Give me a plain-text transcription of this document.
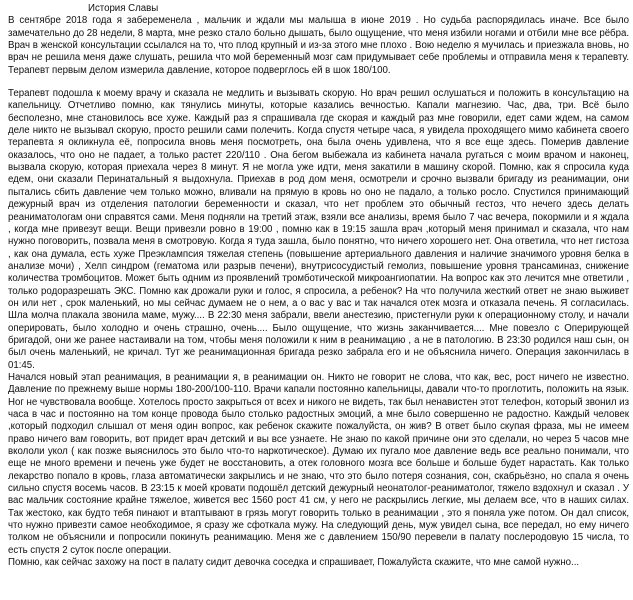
История Славы

В сентябре 2018 года я забеременела , мальчик и ждали мы малыша в июне 2019 . Но судьба распорядилась иначе. Все было замечательно до 28 недели, 8 марта, мне резко стало больно дышать, было ощущение, что меня избили ногами и отбили мне все рёбра. Врач в женской консультации ссылался на то, что плод крупный и из-за этого мне плохо . Вою неделю я мучилась и приезжала вновь, но врач не решила меня даже слушать, решила что мой беременный мозг сам придумывает себе проблемы и отправила меня к терапевту. Терапевт первым делом измерила давление, которое подверглось ей в шок 180/100.

Терапевт подошла к моему врачу и сказала не медлить и вызывать скорую. Но врач решил ослушаться и положить в консультацию на капельницу. Отчетливо помню, как тянулись минуты, которые казались вечностью. Капали магнезию. Час, два, три. Всё было бесполезно, мне становилось все хуже. Каждый раз я спрашивала где скорая и каждый раз мне говорили, едет сами ждем, на самом деле никто не вызывал скорую, просто решили сами полечить. Когда спустя четыре часа, я увидела проходящего мимо кабинета своего терапевта я окликнула её, попросила вновь меня посмотреть, она была очень удивлена, что я все еще здесь. Померив давление оказалось, что оно не падает, а только растет 220/110 . Она бегом выбежала из кабинета начала ругаться с моим врачом и наконец, вызвала скорую, которая приехала через 8 минут. Я не могла уже идти, меня закатили в машину скорой. Помню, как я спросила куда едем, они сказали Перинатальный я выдохнула. Приехав в род дом меня, осмотрели и срочно вызвали бригаду из реанимации, они пытались сбить давление чем только можно, вливали на прямую в кровь но оно не падало, а только росло. Спустился принимающий дежурный врач из отделения патологии беременности и сказал, что нет проблем это обычный гестоз, что нечего здесь делать реаниматологам они справятся сами. Меня подняли на третий этаж, взяли все анализы, время было 7 час вечера, покормили и я ждала , когда мне привезут вещи. Вещи привезли ровно в 19:00 , помню как в 19:15 зашла врач ,который меня принимал и сказала, что нам нужно поговорить, позвала меня в смотровую. Когда я туда зашла, было понятно, что ничего хорошего нет. Она ответила, что нет гистоза , как она думала, есть хуже Преэклампсия тяжелая степень (повышение артериального давления и наличие значимого уровня белка в анализе мочи) , Хелп синдром (гематома или разрыв печени), внутрисосудистый гемолиз, повышение уровня трансаминаз, снижение количества тромбоцитов. Может быть одним из проявлений тромботической микроангиопатии. На вопрос как это лечится мне ответили , только родоразрешать ЭКС. Помню как дрожали руки и голос, я спросила, а ребенок? На что получила жесткий ответ не знаю выживет он или нет , срок маленький, но мы сейчас думаем не о нем, а о вас у вас и так начался отек мозга и отказала печень. Я согласилась. Шла молча плакала звонила маме, мужу.... В 22:30 меня забрали, ввели анестезию, пристегнули руки к операционному столу, и начали оперировать, было холодно и очень страшно, очень.... Было ощущение, что жизнь заканчивается.... Мне повезло с Оперирующей бригадой, они же ранее настаивали на том, чтобы меня положили к ним в реанимацию , а не в патологию. В 23:30 родился наш сын, он был очень маленький, не кричал. Тут же реанимационная бригада резко забрала его и не объяснила ничего. Операция закончилась в 01:45.

Начался новый этап реанимация, в реанимации я, в реанимации он. Никто не говорит не слова, что как, вес, рост ничего не известно. Давление по прежнему выше нормы 180-200/100-110. Врачи капали постоянно капельницы, давали что-то проглотить, положить на язык. Ног не чувствовала вообще. Хотелось просто закрыться от всех и никого не видеть, так был ненавистен этот телефон, который звонил из часа в час и постоянно на том конце провода было столько радостных эмоций, а мне было совершенно не радостно. Каждый человек ,который подходил слышал от меня один вопрос, как ребенок скажите пожалуйста, он жив? В ответ было скупая фраза, мы не имеем право ничего вам говорить, вот придет врач детский и вы все узнаете. Не знаю по какой причине они это сделали, но через 5 часов мне вкололи укол ( как позже выяснилось это было что-то наркотическое). Думаю их пугало мое давление ведь все реально понимали, что еще не много времени и печень уже будет не восстановить, а отек головного мозга все больше и больше будет нарастать. Как только лекарство попало в кровь, глаза автоматически закрылись и не знаю, что это было потеря сознания, сон, скабрьёзно, но спала я очень сильно спустя восемь часов. В 23:15 к моей кровати подошёл детский дежурный неонатолог-реаниматолог, тяжело вздохнул и сказал . У вас мальчик состояние крайне тяжелое, живется вес 1560 рост 41 см, у него не раскрылись легкие, мы делаем все, что в наших силах. Так жестоко, как будто тебя пинают и втаптывают в грязь могут говорить только в реанимации , это я поняла уже потом. Он дал список, что нужно привезти самое необходимое, я сразу же сфоткала мужу. На следующий день, муж увидел сына, все передал, но ему ничего толком не объяснили и попросили покинуть реанимацию. Меня же с давлением 150/90 перевели в палату послеродовую 15 числа, то есть спустя 2 суток после операции.

Помню, как сейчас захожу на пост в палату сидит девочка соседка и спрашивает, Пожалуйста скажите, что мне самой нужно...
